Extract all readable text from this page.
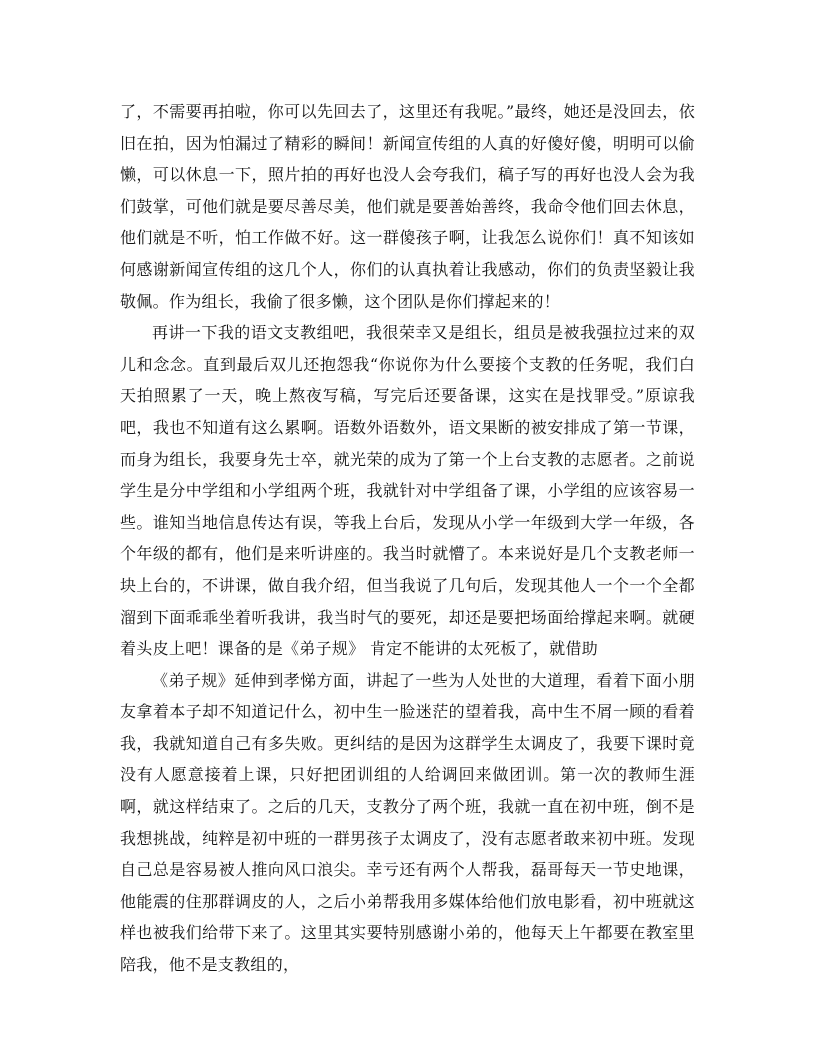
了，不需要再拍啦，你可以先回去了，这里还有我呢。”最终，她还是没回去，依旧在拍，因为怕漏过了精彩的瞬间！新闻宣传组的人真的好傻好傻，明明可以偷懒，可以休息一下，照片拍的再好也没人会夸我们，稿子写的再好也没人会为我们鼓掌，可他们就是要尽善尽美，他们就是要善始善终，我命令他们回去休息，他们就是不听，怕工作做不好。这一群傻孩子啊，让我怎么说你们！真不知该如何感谢新闻宣传组的这几个人，你们的认真执着让我感动，你们的负责坚毅让我敬佩。作为组长，我偷了很多懒，这个团队是你们撑起来的！

再讲一下我的语文支教组吧，我很荣幸又是组长，组员是被我强拉过来的双儿和念念。直到最后双儿还抱怨我“你说你为什么要接个支教的任务呢，我们白天拍照累了一天，晚上熬夜写稿，写完后还要备课，这实在是找罪受。”原谅我吧，我也不知道有这么累啊。语数外语数外，语文果断的被安排成了第一节课，而身为组长，我要身先士卒，就光荣的成为了第一个上台支教的志愿者。之前说学生是分中学组和小学组两个班，我就针对中学组备了课，小学组的应该容易一些。谁知当地信息传达有误，等我上台后，发现从小学一年级到大学一年级，各个年级的都有，他们是来听讲座的。我当时就懵了。本来说好是几个支教老师一块上台的，不讲课，做自我介绍，但当我说了几句后，发现其他人一个一个全都溜到下面乖乖坐着听我讲，我当时气的要死，却还是要把场面给撑起来啊。就硬着头皮上吧！课备的是《弟子规》 肯定不能讲的太死板了，就借助

《弟子规》延伸到孝悌方面，讲起了一些为人处世的大道理，看着下面小朋友拿着本子却不知道记什么，初中生一脸迷茫的望着我，高中生不屑一顾的看着我，我就知道自己有多失败。更纠结的是因为这群学生太调皮了，我要下课时竟没有人愿意接着上课，只好把团训组的人给调回来做团训。第一次的教师生涯啊，就这样结束了。之后的几天，支教分了两个班，我就一直在初中班，倒不是我想挑战，纯粹是初中班的一群男孩子太调皮了，没有志愿者敢来初中班。发现自己总是容易被人推向风口浪尖。幸亏还有两个人帮我，磊哥每天一节史地课，他能震的住那群调皮的人，之后小弟帮我用多媒体给他们放电影看，初中班就这样也被我们给带下来了。这里其实要特别感谢小弟的，他每天上午都要在教室里陪我，他不是支教组的，
